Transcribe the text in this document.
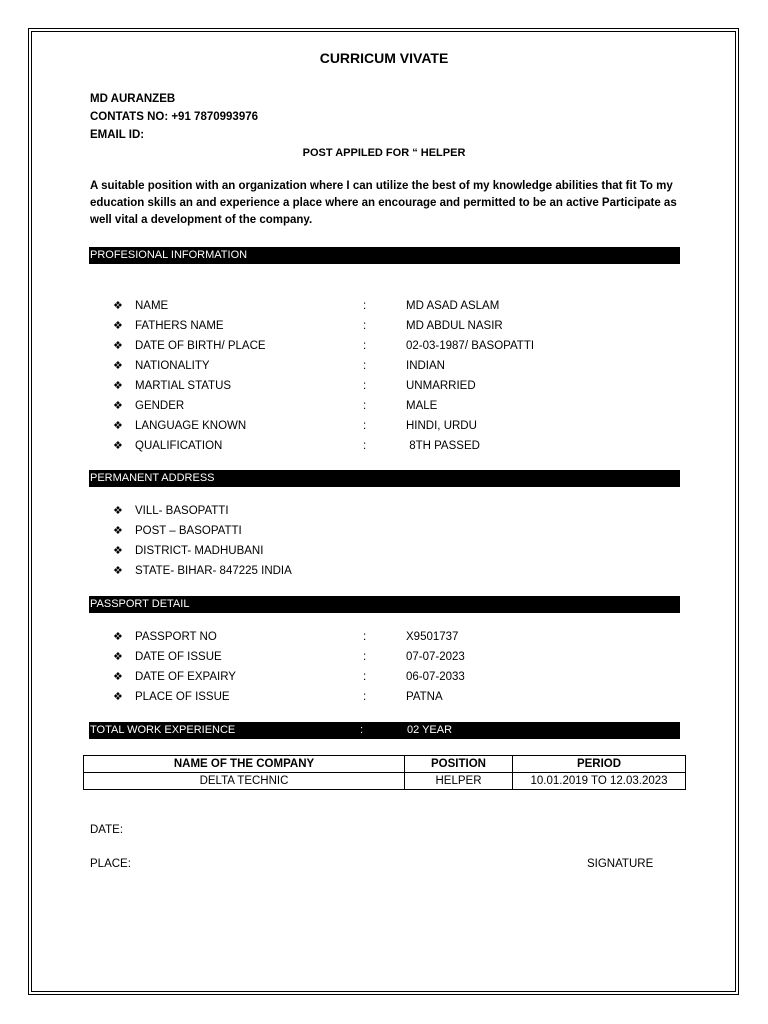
CURRICUM VIVATE
MD AURANZEB
CONTATS NO: +91 7870993976
EMAIL ID:
POST APPILED FOR “ HELPER
A suitable position with an organization where I can utilize the best of my knowledge abilities that fit To my education skills an and experience a place where an encourage and permitted to be an active Participate as well vital a development of the company.
PROFESIONAL INFORMATION
❖ NAME	:	MD ASAD ASLAM
❖ FATHERS NAME	:	MD ABDUL NASIR
❖ DATE OF BIRTH/ PLACE	:	02-03-1987/ BASOPATTI
❖ NATIONALITY	:	INDIAN
❖ MARTIAL STATUS	:	UNMARRIED
❖ GENDER	:	MALE
❖ LANGUAGE KNOWN	:	HINDI, URDU
❖ QUALIFICATION	:	8TH PASSED
PERMANENT ADDRESS
❖ VILL- BASOPATTI
❖ POST – BASOPATTI
❖ DISTRICT- MADHUBANI
❖ STATE- BIHAR- 847225 INDIA
PASSPORT DETAIL
❖ PASSPORT NO	:	X9501737
❖ DATE OF ISSUE	:	07-07-2023
❖ DATE OF EXPAIRY	:	06-07-2033
❖ PLACE OF ISSUE	:	PATNA
TOTAL WORK EXPERIENCE	:	02 YEAR
NAME OF THE COMPANY	POSITION	PERIOD
DELTA TECHNIC	HELPER	10.01.2019 TO 12.03.2023
DATE:
PLACE:	SIGNATURE
